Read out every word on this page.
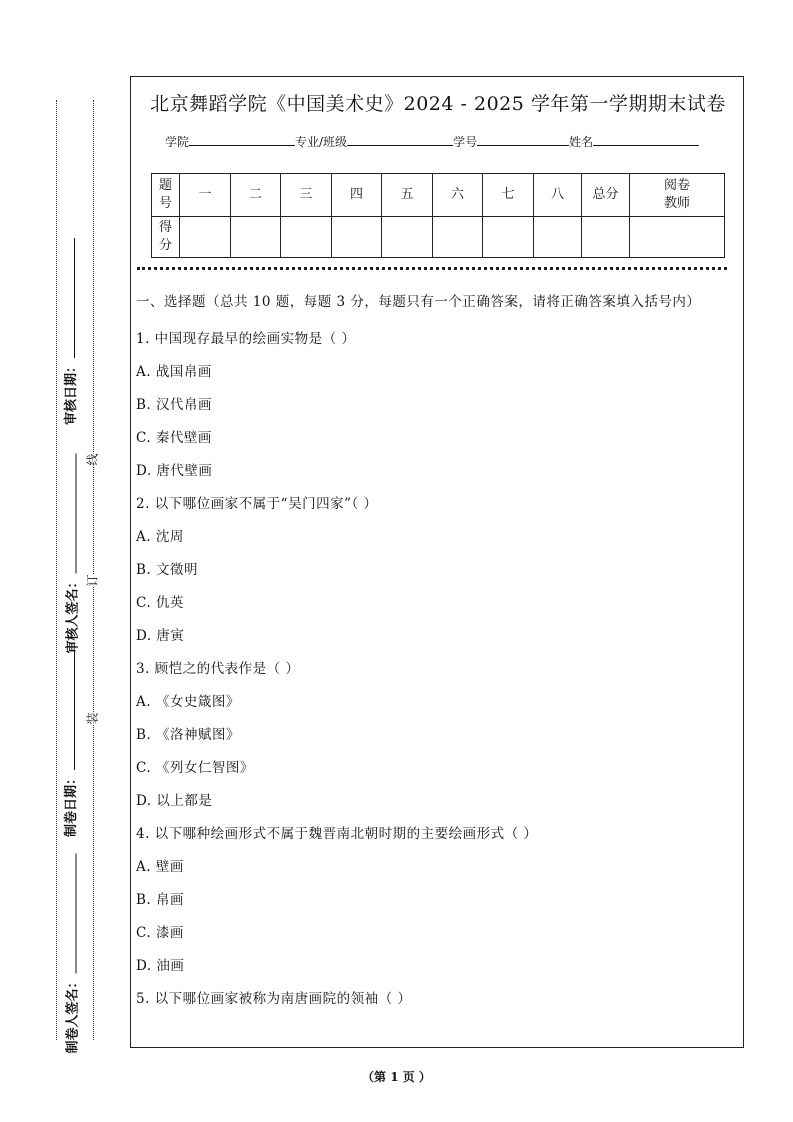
审核日期：
审核人签名：
制卷日期：
制卷人签名：
线
订
装
北京舞蹈学院《中国美术史》2024 - 2025 学年第一学期期末试卷
学院	专业/班级	学号	姓名
题号	一	二	三	四	五	六	七	八	总分	阅卷教师
得分										
一、选择题（总共 10 题，每题 3 分，每题只有一个正确答案，请将正确答案填入括号内）
1. 中国现存最早的绘画实物是（ ）
A. 战国帛画
B. 汉代帛画
C. 秦代壁画
D. 唐代壁画
2. 以下哪位画家不属于“吴门四家”（ ）
A. 沈周
B. 文徵明
C. 仇英
D. 唐寅
3. 顾恺之的代表作是（ ）
A. 《女史箴图》
B. 《洛神赋图》
C. 《列女仁智图》
D. 以上都是
4. 以下哪种绘画形式不属于魏晋南北朝时期的主要绘画形式（ ）
A. 壁画
B. 帛画
C. 漆画
D. 油画
5. 以下哪位画家被称为南唐画院的领袖（ ）
（第 1 页 ）
